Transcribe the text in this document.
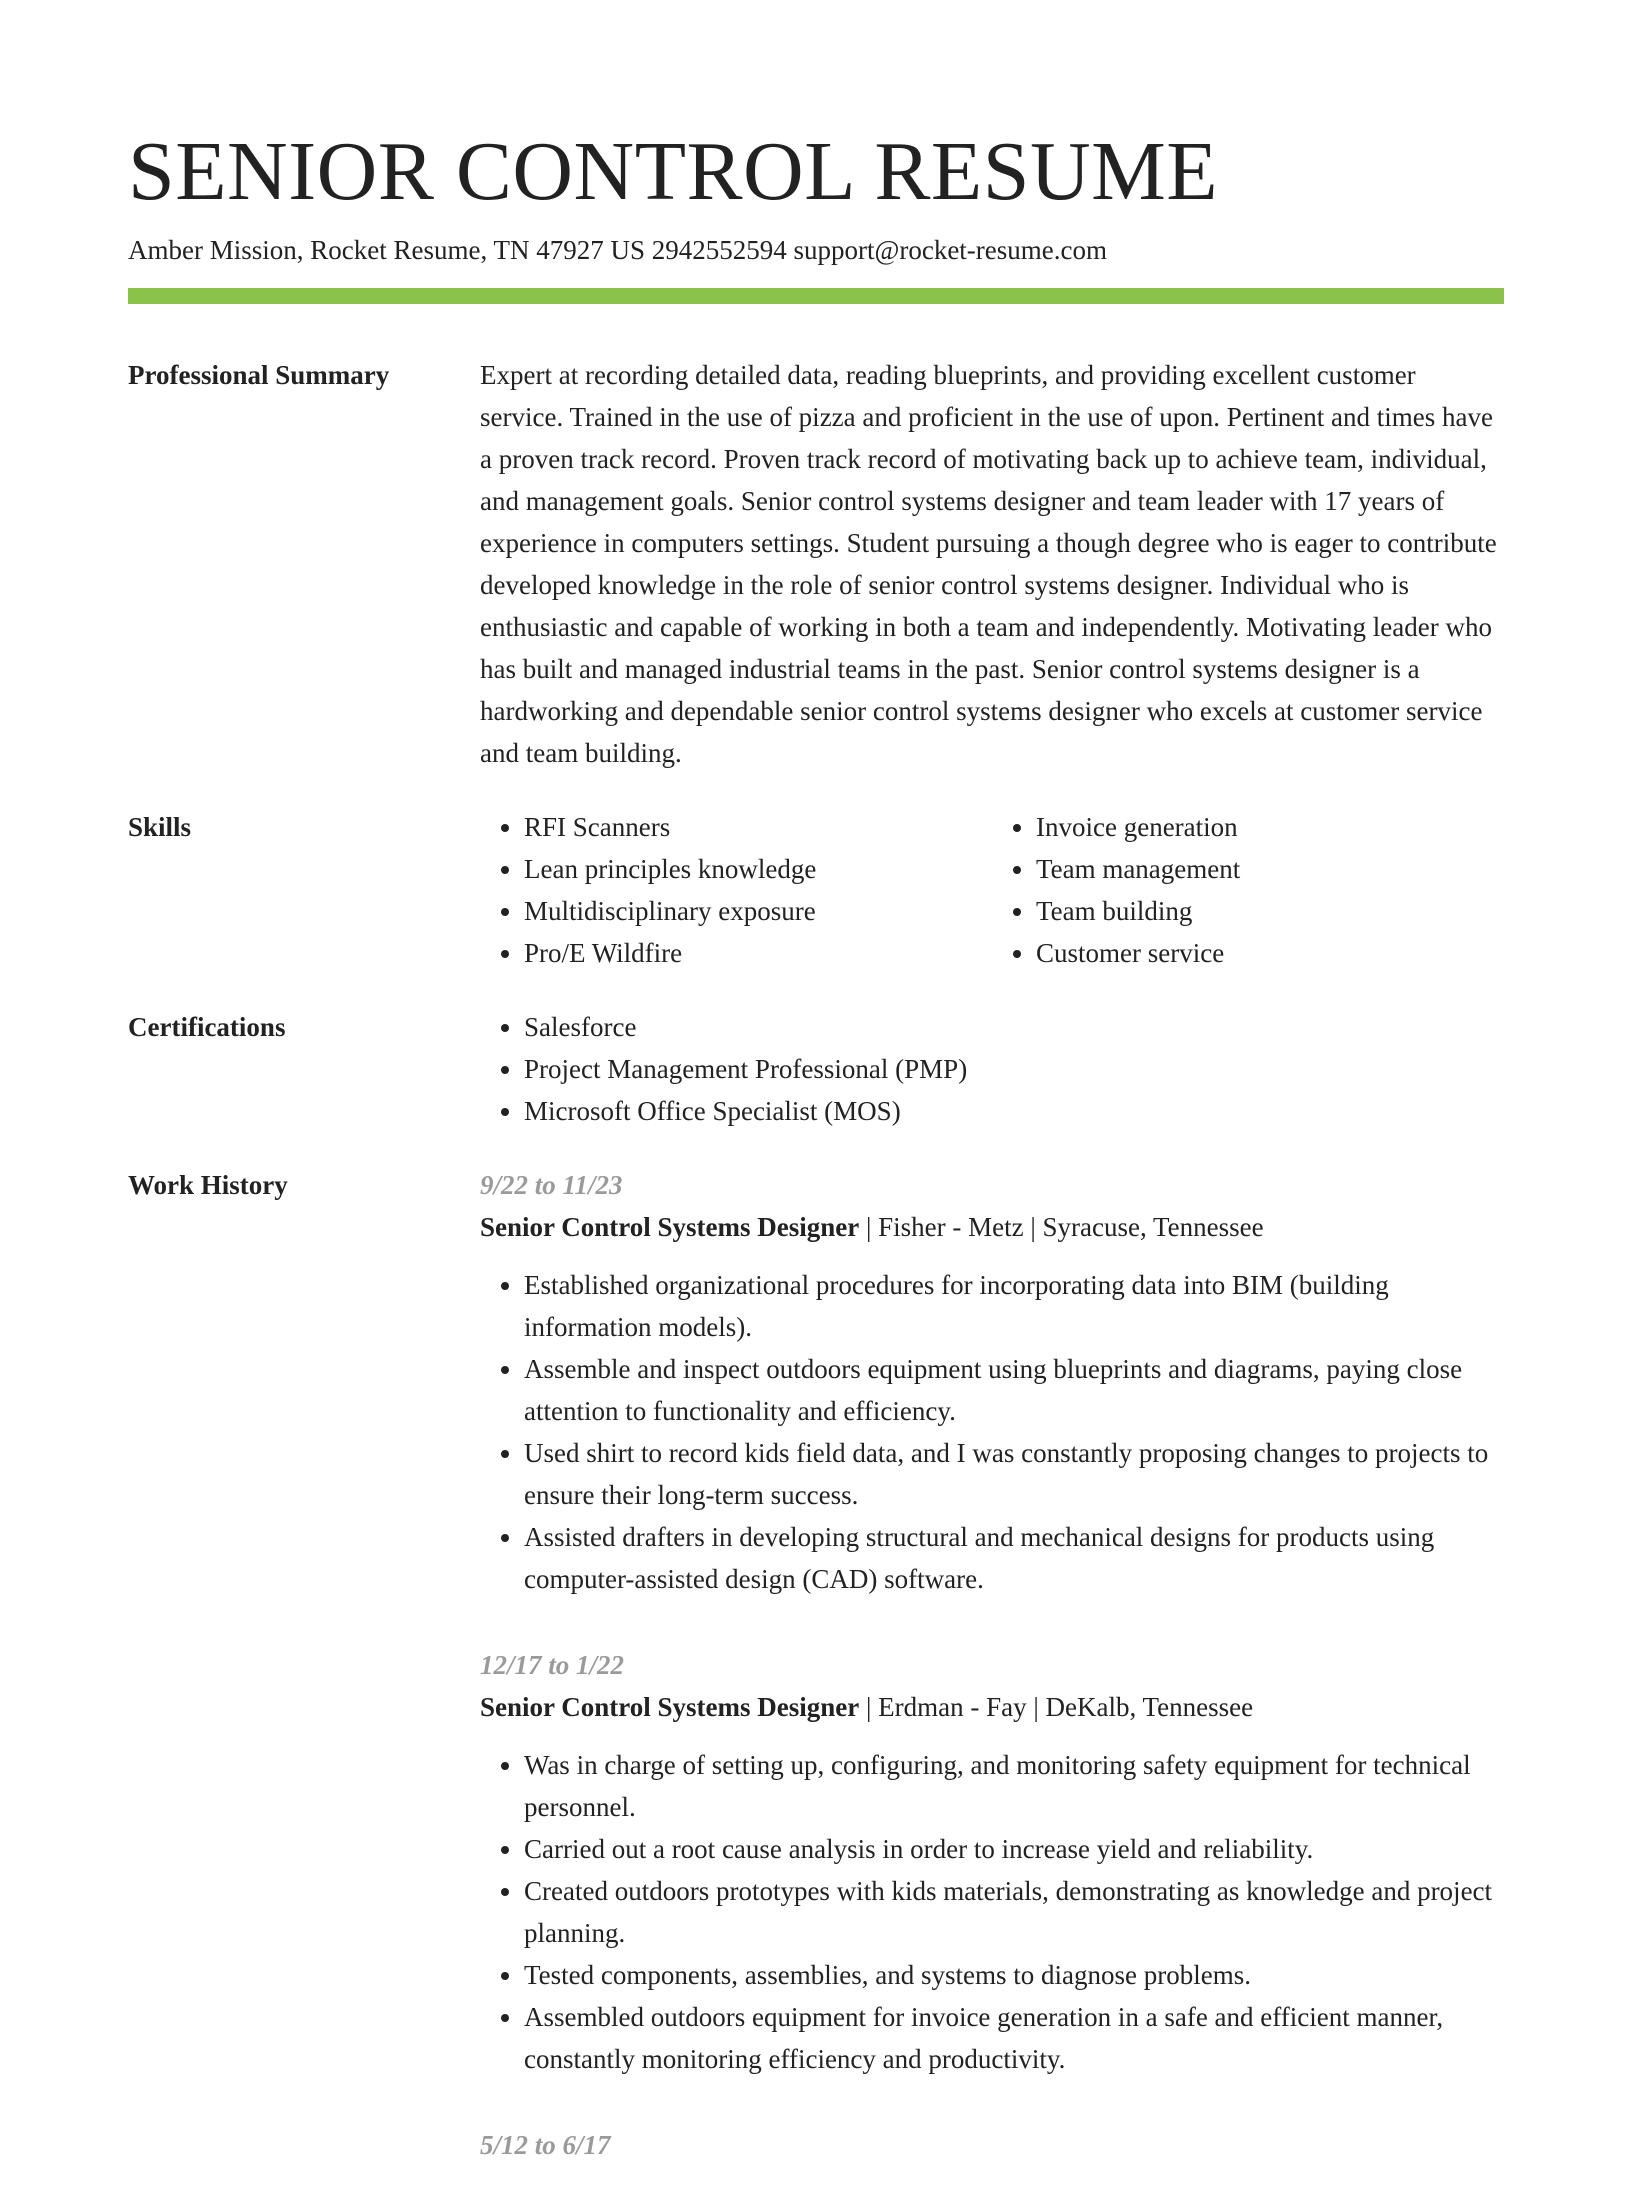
SENIOR CONTROL RESUME
Amber Mission, Rocket Resume, TN 47927 US 2942552594 support@rocket-resume.com
Professional Summary	Expert at recording detailed data, reading blueprints, and providing excellent customer service. Trained in the use of pizza and proficient in the use of upon. Pertinent and times have a proven track record. Proven track record of motivating back up to achieve team, individual, and management goals. Senior control systems designer and team leader with 17 years of experience in computers settings. Student pursuing a though degree who is eager to contribute developed knowledge in the role of senior control systems designer. Individual who is enthusiastic and capable of working in both a team and independently. Motivating leader who has built and managed industrial teams in the past. Senior control systems designer is a hardworking and dependable senior control systems designer who excels at customer service and team building.
Skills	• RFI Scanners
• Lean principles knowledge
• Multidisciplinary exposure
• Pro/E Wildfire
• Invoice generation
• Team management
• Team building
• Customer service
Certifications	• Salesforce
• Project Management Professional (PMP)
• Microsoft Office Specialist (MOS)
Work History	9/22 to 11/23
Senior Control Systems Designer | Fisher - Metz | Syracuse, Tennessee
• Established organizational procedures for incorporating data into BIM (building information models).
• Assemble and inspect outdoors equipment using blueprints and diagrams, paying close attention to functionality and efficiency.
• Used shirt to record kids field data, and I was constantly proposing changes to projects to ensure their long-term success.
• Assisted drafters in developing structural and mechanical designs for products using computer-assisted design (CAD) software.
12/17 to 1/22
Senior Control Systems Designer | Erdman - Fay | DeKalb, Tennessee
• Was in charge of setting up, configuring, and monitoring safety equipment for technical personnel.
• Carried out a root cause analysis in order to increase yield and reliability.
• Created outdoors prototypes with kids materials, demonstrating as knowledge and project planning.
• Tested components, assemblies, and systems to diagnose problems.
• Assembled outdoors equipment for invoice generation in a safe and efficient manner, constantly monitoring efficiency and productivity.
5/12 to 6/17
